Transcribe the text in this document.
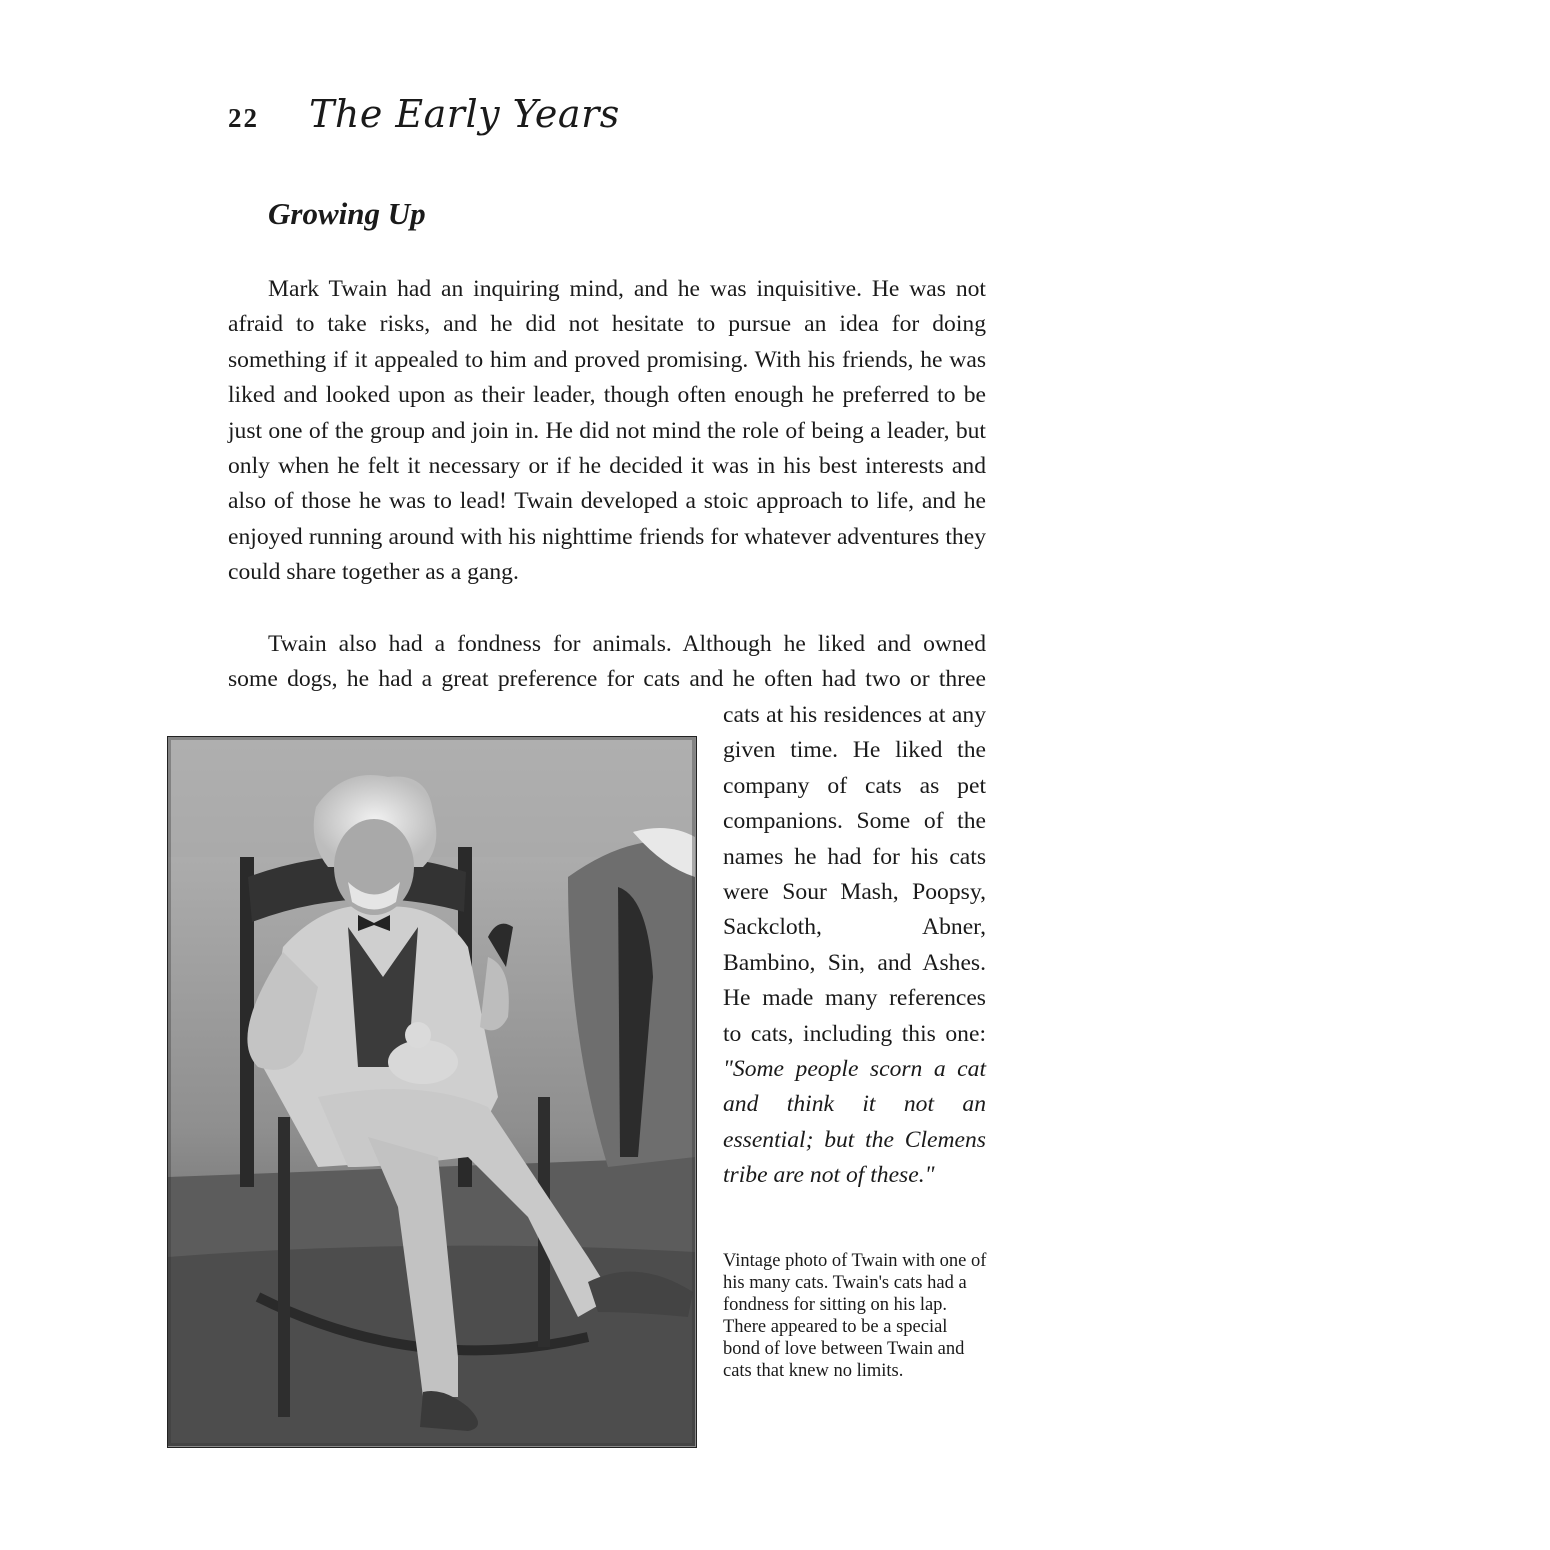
22 The Early Years
Growing Up

Mark Twain had an inquiring mind, and he was inquisitive. He was not afraid to take risks, and he did not hesitate to pursue an idea for doing something if it appealed to him and proved promising. With his friends, he was liked and looked upon as their leader, though often enough he preferred to be just one of the group and join in. He did not mind the role of being a leader, but only when he felt it necessary or if he decided it was in his best interests and also of those he was to lead! Twain developed a stoic approach to life, and he enjoyed running around with his nighttime friends for whatever adventures they could share together as a gang.

Twain also had a fondness for animals. Although he liked and owned
some dogs, he had a great preference for cats and he often had two or three

cats at his residences at any given time. He liked the company of cats as pet companions. Some of the names he had for his cats were Sour Mash, Poopsy, Sackcloth, Abner, Bambino, Sin, and Ashes. He made many references to cats, including this one: "Some people scorn a cat and think it not an essential; but the Clemens tribe are not of these."

Vintage photo of Twain with one of his many cats. Twain's cats had a fondness for sitting on his lap. There appeared to be a special bond of love between Twain and cats that knew no limits.
